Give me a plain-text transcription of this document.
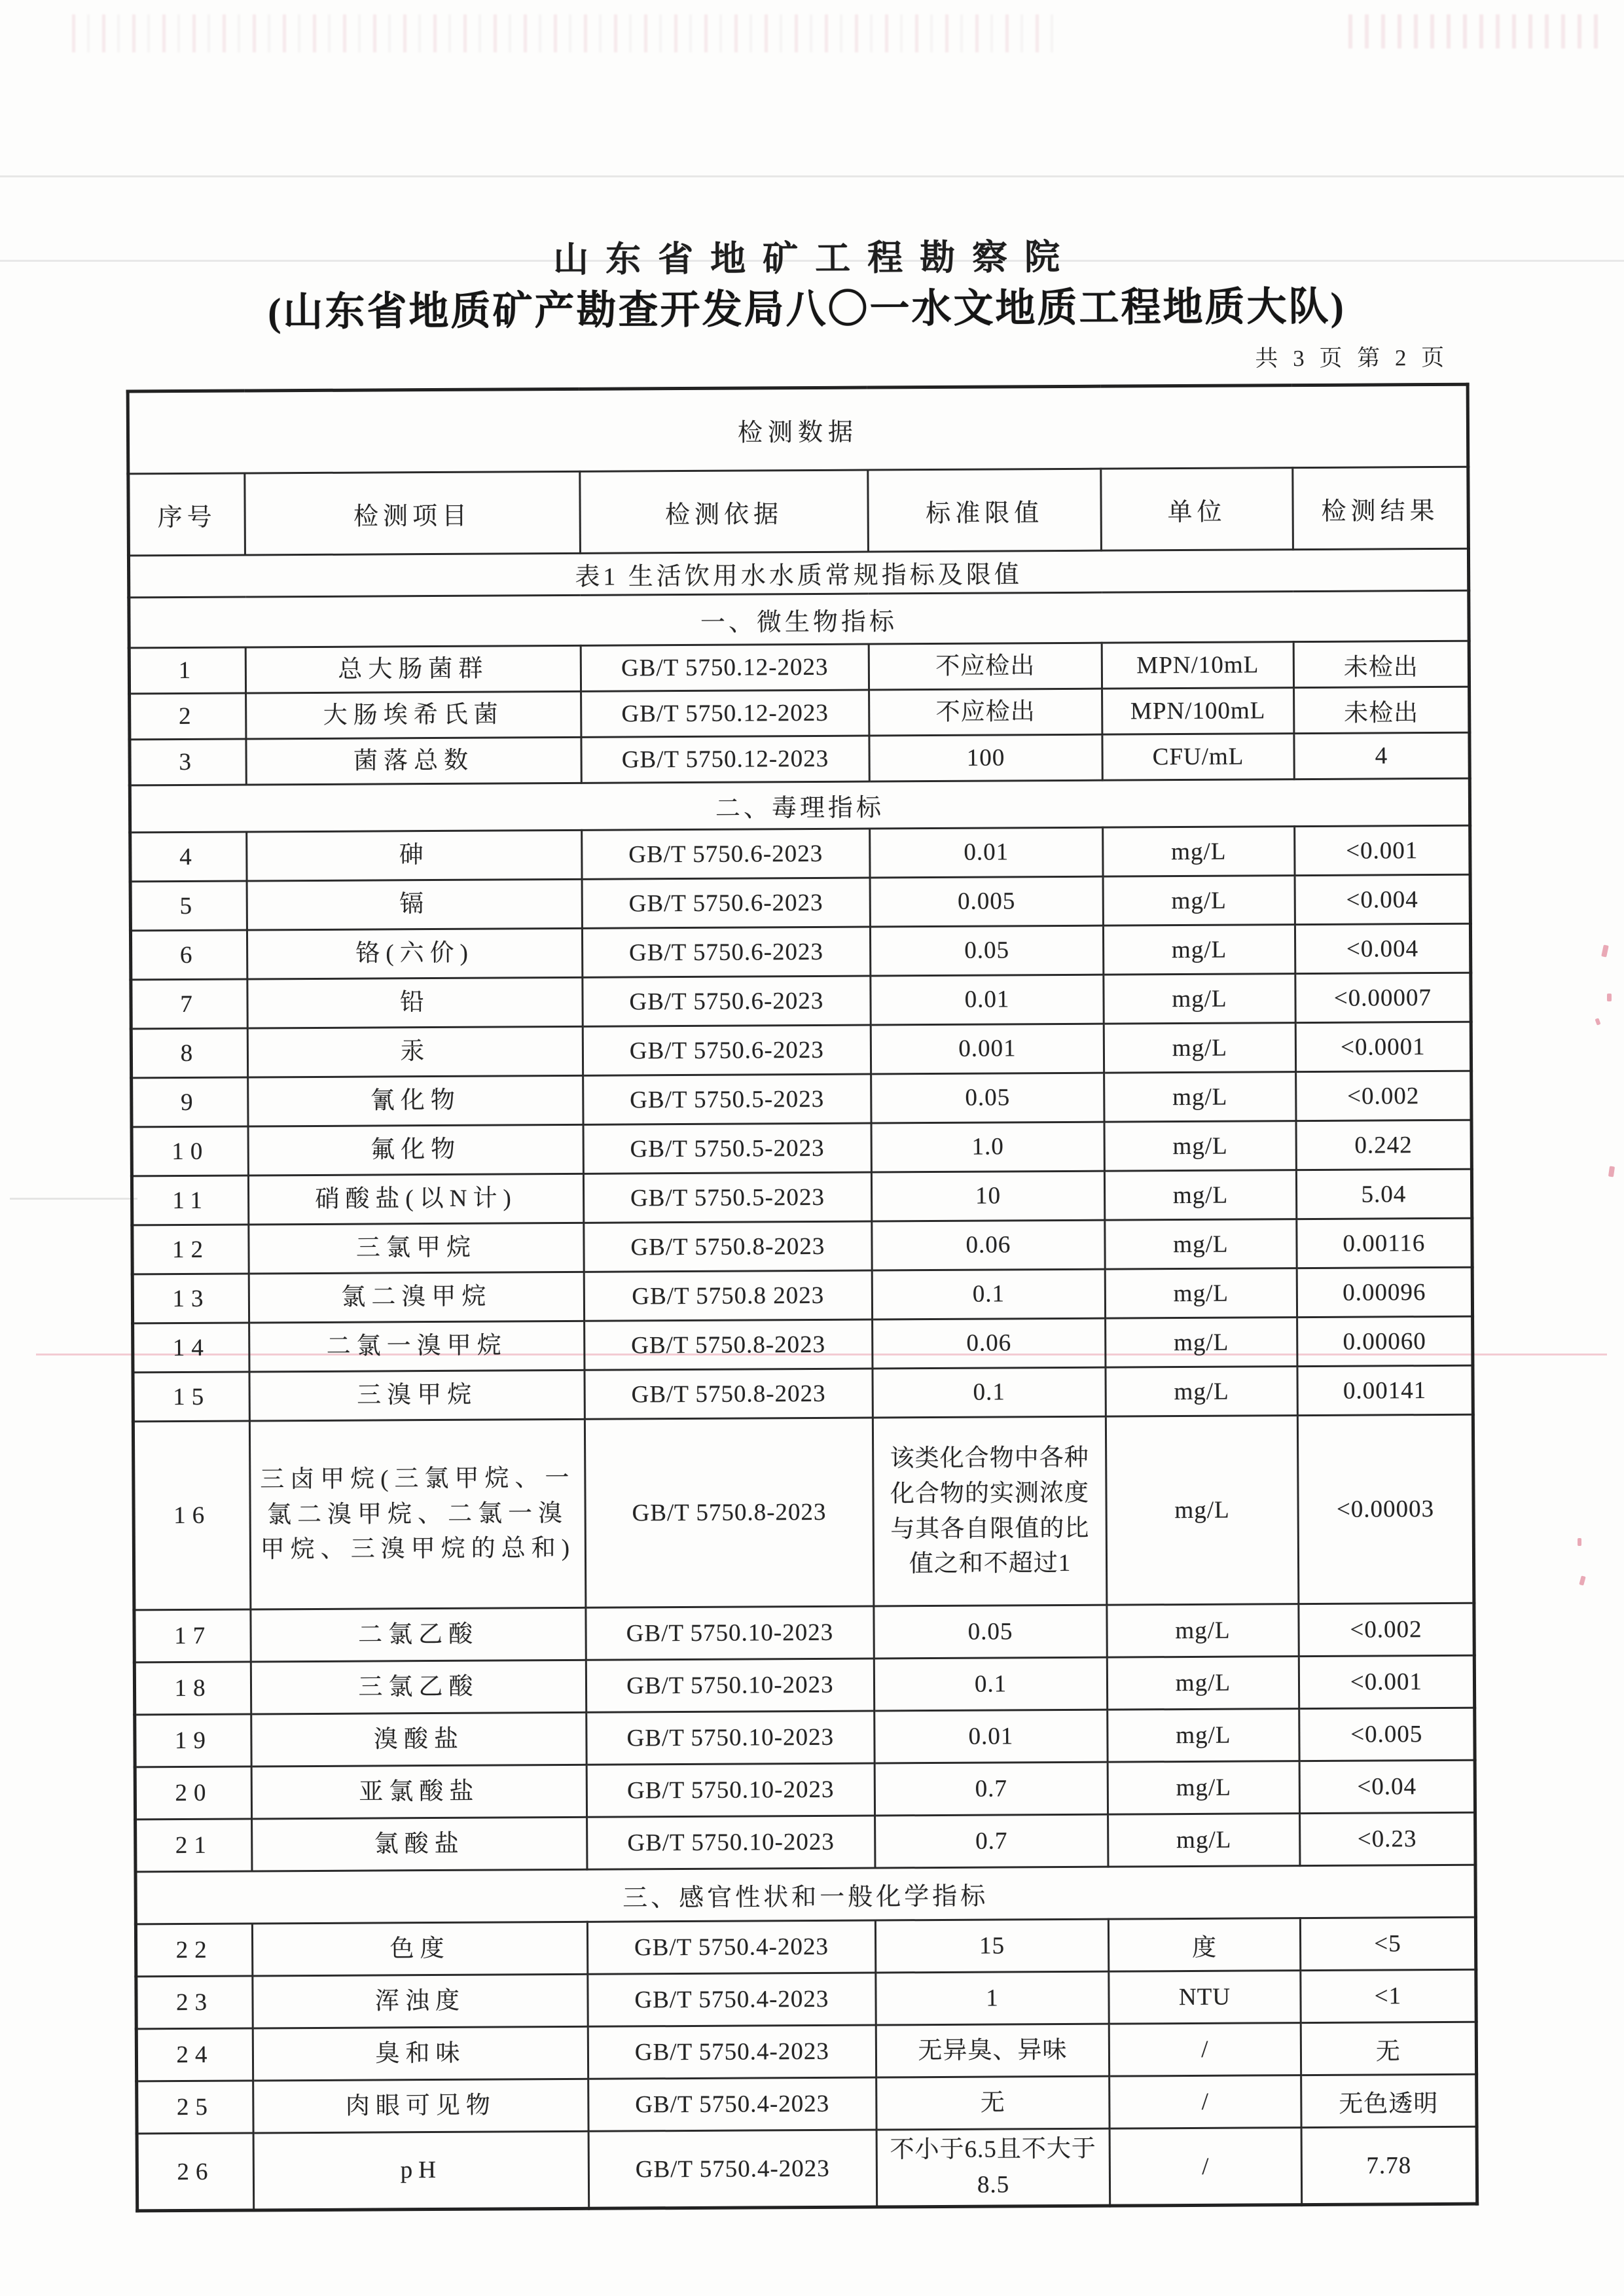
山东省地矿工程勘察院
(山东省地质矿产勘查开发局八〇一水文地质工程地质大队)
共 3 页 第 2 页
检测数据					
序号	检测项目	检测依据	标准限值	单位	检测结果
表1 生活饮用水水质常规指标及限值					
一、微生物指标					
1	总大肠菌群	GB/T 5750.12-2023	不应检出	MPN/10mL	未检出
2	大肠埃希氏菌	GB/T 5750.12-2023	不应检出	MPN/100mL	未检出
3	菌落总数	GB/T 5750.12-2023	100	CFU/mL	4
二、毒理指标					
4	砷	GB/T 5750.6-2023	0.01	mg/L	<0.001
5	镉	GB/T 5750.6-2023	0.005	mg/L	<0.004
6	铬(六价)	GB/T 5750.6-2023	0.05	mg/L	<0.004
7	铅	GB/T 5750.6-2023	0.01	mg/L	<0.00007
8	汞	GB/T 5750.6-2023	0.001	mg/L	<0.0001
9	氰化物	GB/T 5750.5-2023	0.05	mg/L	<0.002
10	氟化物	GB/T 5750.5-2023	1.0	mg/L	0.242
11	硝酸盐(以N计)	GB/T 5750.5-2023	10	mg/L	5.04
12	三氯甲烷	GB/T 5750.8-2023	0.06	mg/L	0.00116
13	氯二溴甲烷	GB/T 5750.8 2023	0.1	mg/L	0.00096
14	二氯一溴甲烷	GB/T 5750.8-2023	0.06	mg/L	0.00060
15	三溴甲烷	GB/T 5750.8-2023	0.1	mg/L	0.00141
16	三卤甲烷(三氯甲烷、一氯二溴甲烷、二氯一溴甲烷、三溴甲烷的总和)	GB/T 5750.8-2023	该类化合物中各种化合物的实测浓度与其各自限值的比值之和不超过1	mg/L	<0.00003
17	二氯乙酸	GB/T 5750.10-2023	0.05	mg/L	<0.002
18	三氯乙酸	GB/T 5750.10-2023	0.1	mg/L	<0.001
19	溴酸盐	GB/T 5750.10-2023	0.01	mg/L	<0.005
20	亚氯酸盐	GB/T 5750.10-2023	0.7	mg/L	<0.04
21	氯酸盐	GB/T 5750.10-2023	0.7	mg/L	<0.23
三、感官性状和一般化学指标					
22	色度	GB/T 5750.4-2023	15	度	<5
23	浑浊度	GB/T 5750.4-2023	1	NTU	<1
24	臭和味	GB/T 5750.4-2023	无异臭、异味	/	无
25	肉眼可见物	GB/T 5750.4-2023	无	/	无色透明
26	pH	GB/T 5750.4-2023	不小于6.5且不大于8.5	/	7.78
